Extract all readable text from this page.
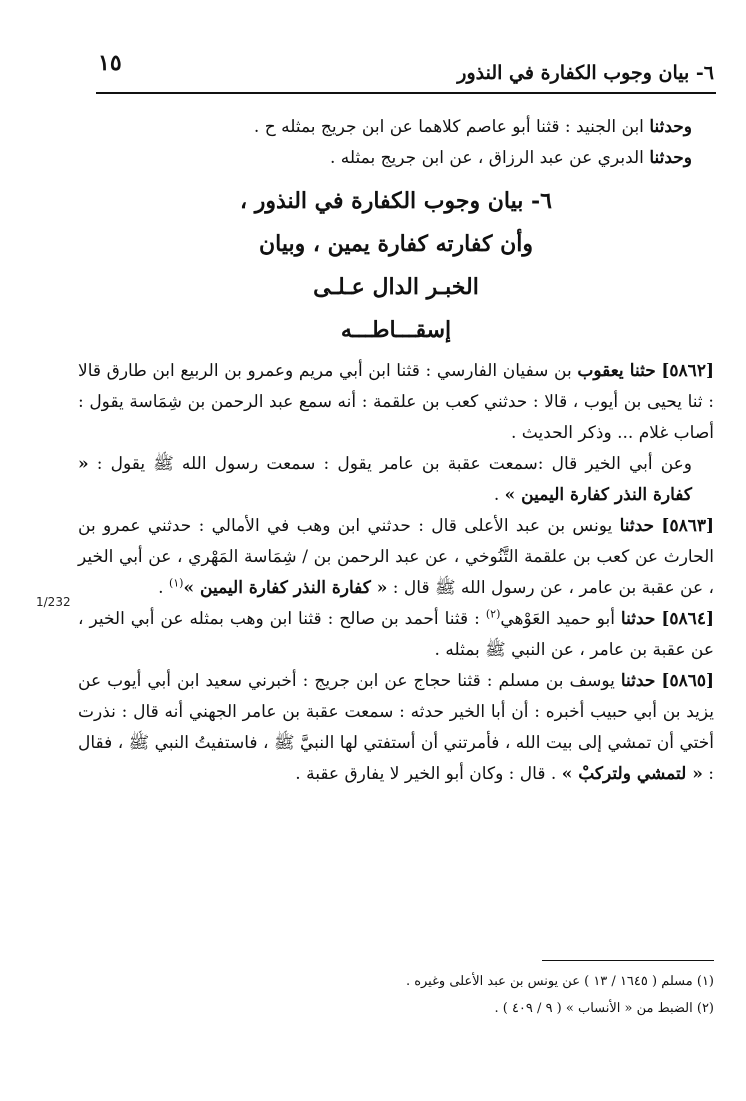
٦- بيان وجوب الكفارة في النذور
١٥
1/232

وحدثنا ابن الجنيد : قثنا أبو عاصم كلاهما عن ابن جريج بمثله ح .

وحدثنا الدبري عن عبد الرزاق ، عن ابن جريج بمثله .

٦- بيان وجوب الكفارة في النذور ،
وأن كفارته كفارة يمين ، وبيان
الخبـر الدال عـلـى
إسقـــاطـــه

[٥٨٦٢] حثنا يعقوب بن سفيان الفارسي : قثنا ابن أبي مريم وعمرو بن الربيع ابن طارق قالا : ثنا يحيى بن أيوب ، قالا : حدثني كعب بن علقمة : أنه سمع عبد الرحمن بن شِمَاسة يقول : أصاب غلام ... وذكر الحديث .

وعن أبي الخير قال :سمعت عقبة بن عامر يقول : سمعت رسول الله ﷺ يقول : « كفارة النذر كفارة اليمين » .

[٥٨٦٣] حدثنا يونس بن عبد الأعلى قال : حدثني ابن وهب في الأمالي : حدثني عمرو بن الحارث عن كعب بن علقمة التَّنُوخي ، عن عبد الرحمن بن / شِمَاسة المَهْري ، عن أبي الخير ، عن عقبة بن عامر ، عن رسول الله ﷺ قال : « كفارة النذر كفارة اليمين »$^{(١)}$ .

[٥٨٦٤] حدثنا أبو حميد العَوْهي$^{(٢)}$ : قثنا أحمد بن صالح : قثنا ابن وهب بمثله عن أبي الخير ، عن عقبة بن عامر ، عن النبي ﷺ بمثله .

[٥٨٦٥] حدثنا يوسف بن مسلم : قثنا حجاج عن ابن جريج : أخبرني سعيد ابن أبي أيوب عن يزيد بن أبي حبيب أخبره : أن أبا الخير حدثه : سمعت عقبة بن عامر الجهني أنه قال : نذرت أختي أن تمشي إلى بيت الله ، فأمرتني أن أستفتي لها النبيَّ ﷺ ، فاستفيتُ النبي ﷺ ، فقال : « لتمشي ولتركبْ » . قال : وكان أبو الخير لا يفارق عقبة .

(١) مسلم ( ١٦٤٥ / ١٣ ) عن يونس بن عبد الأعلى وغيره .

(٢) الضبط من « الأنساب » ( ٩ / ٤٠٩ ) .
